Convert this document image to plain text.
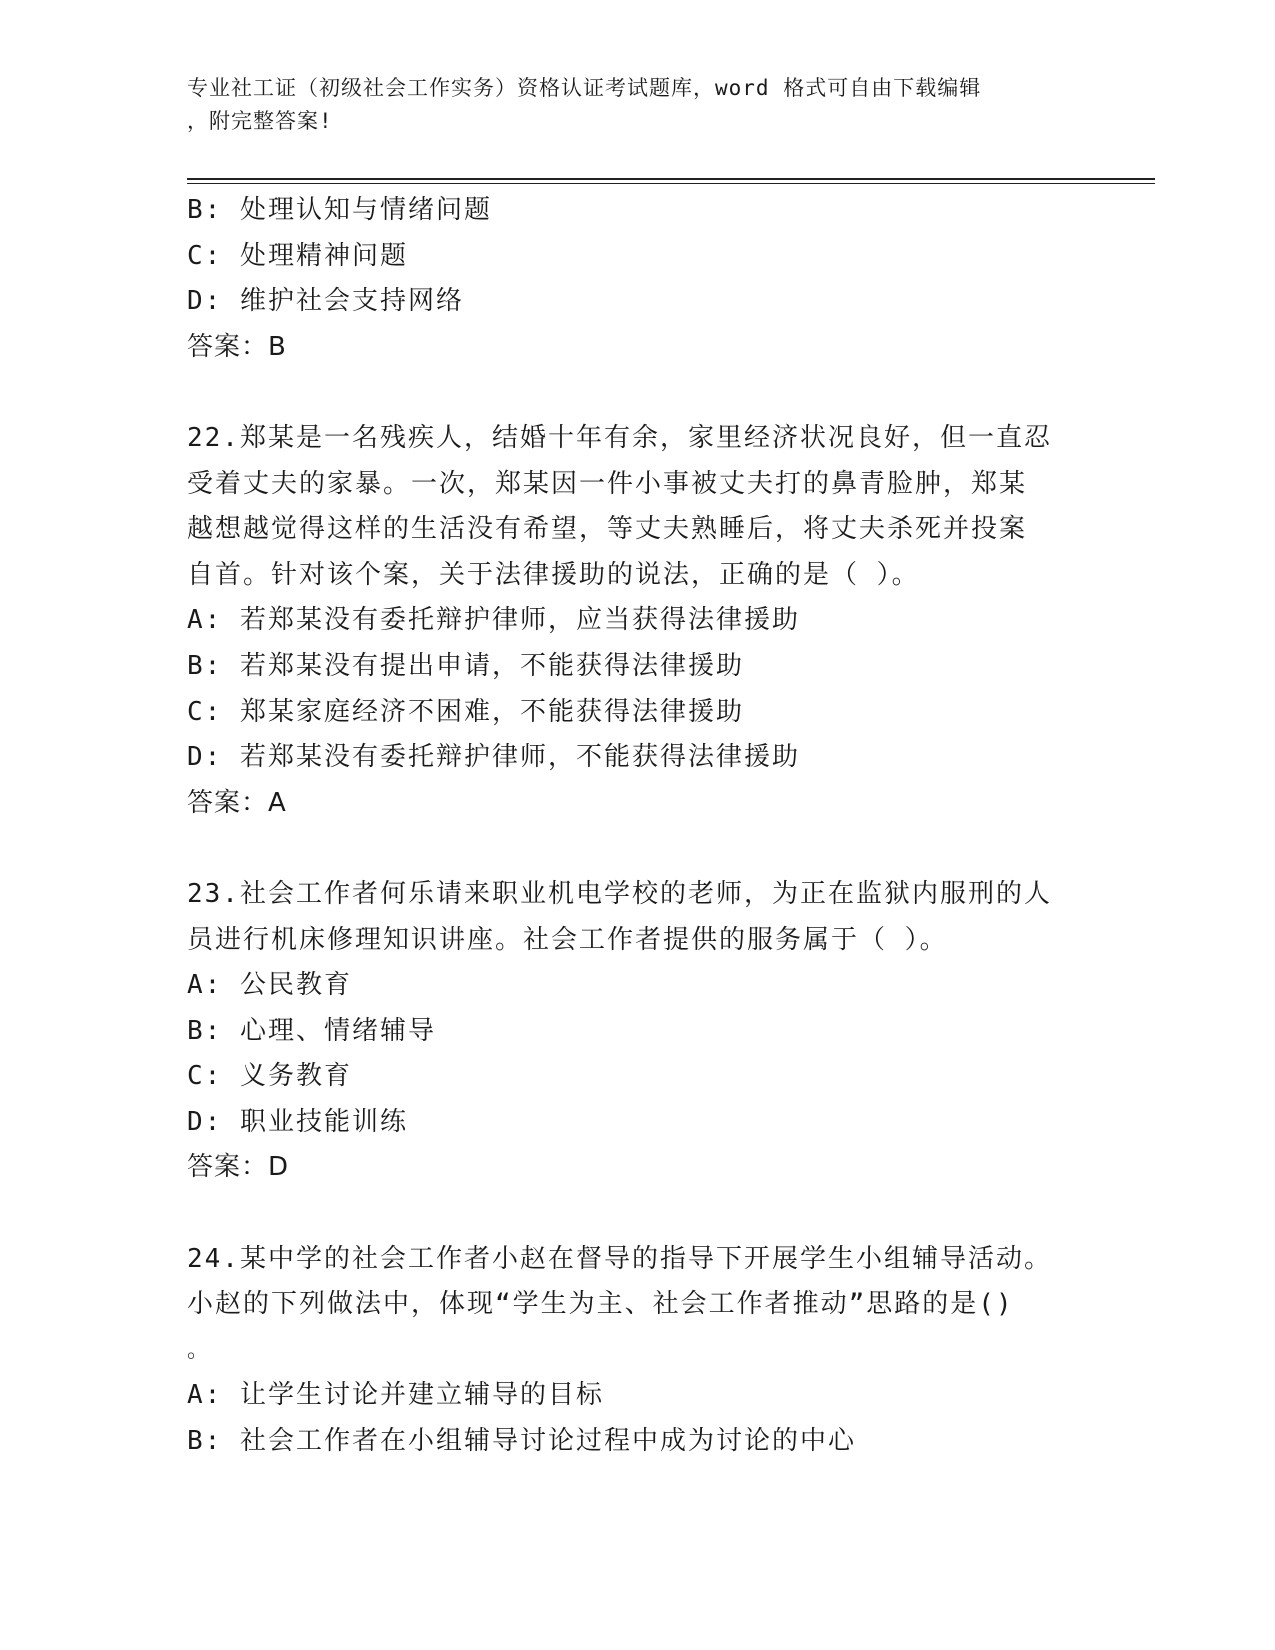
专业社工证（初级社会工作实务）资格认证考试题库，word 格式可自由下载编辑
，附完整答案!
B: 处理认知与情绪问题
C: 处理精神问题
D: 维护社会支持网络
答案：B
22.郑某是一名残疾人，结婚十年有余，家里经济状况良好，但一直忍
受着丈夫的家暴。一次，郑某因一件小事被丈夫打的鼻青脸肿，郑某
越想越觉得这样的生活没有希望，等丈夫熟睡后，将丈夫杀死并投案
自首。针对该个案，关于法律援助的说法，正确的是（ ）。
A: 若郑某没有委托辩护律师，应当获得法律援助
B: 若郑某没有提出申请，不能获得法律援助
C: 郑某家庭经济不困难，不能获得法律援助
D: 若郑某没有委托辩护律师，不能获得法律援助
答案：A
23.社会工作者何乐请来职业机电学校的老师，为正在监狱内服刑的人
员进行机床修理知识讲座。社会工作者提供的服务属于（ ）。
A: 公民教育
B: 心理、情绪辅导
C: 义务教育
D: 职业技能训练
答案：D
24.某中学的社会工作者小赵在督导的指导下开展学生小组辅导活动。
小赵的下列做法中，体现“学生为主、社会工作者推动”思路的是()
。
A: 让学生讨论并建立辅导的目标
B: 社会工作者在小组辅导讨论过程中成为讨论的中心
